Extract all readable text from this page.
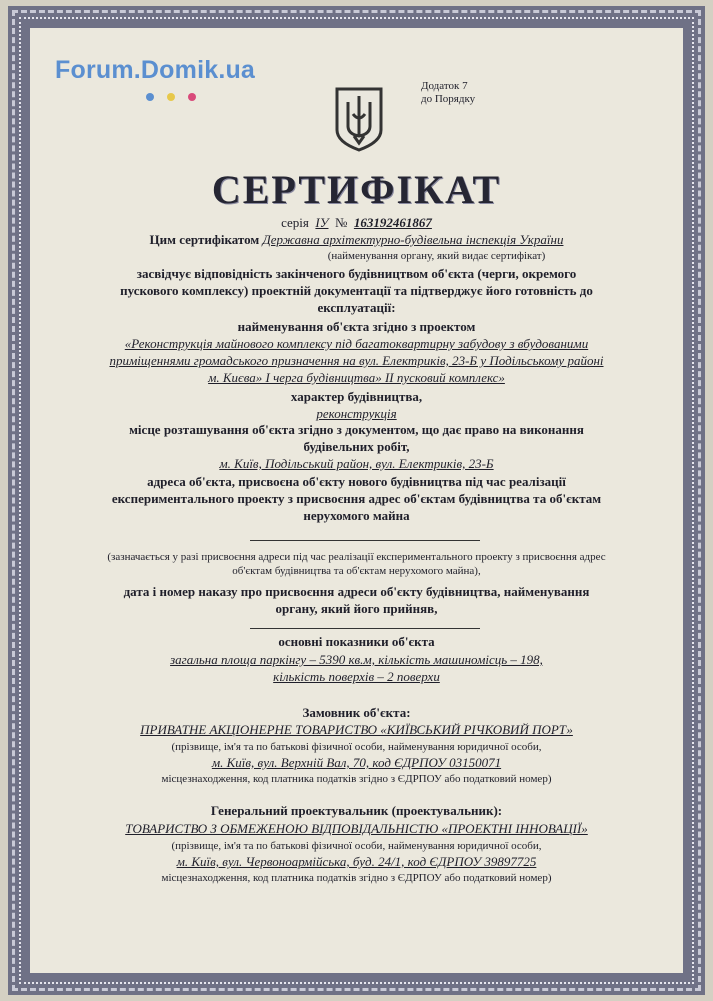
Forum.Domik.ua
Додаток 7
до Порядку
СЕРТИФІКАТ
серія ІУ № 163192461867
Цим сертифікатом Державна архітектурно-будівельна інспекція України
(найменування органу, який видає сертифікат)
засвідчує відповідність закінченого будівництвом об'єкта (черги, окремого
пускового комплексу) проектній документації та підтверджує його готовність до
експлуатації:
найменування об'єкта згідно з проектом
«Реконструкція майнового комплексу під багатоквартирну забудову з вбудованими
приміщеннями громадського призначення на вул. Електриків, 23-Б у Подільському районі
м. Києва» І черга будівництва» ІІ пусковий комплекс»
характер будівництва,
реконструкція
місце розташування об'єкта згідно з документом, що дає право на виконання
будівельних робіт,
м. Київ, Подільський район, вул. Електриків, 23-Б
адреса об'єкта, присвоєна об'єкту нового будівництва під час реалізації
експериментального проекту з присвоєння адрес об'єктам будівництва та об'єктам
нерухомого майна
(зазначається у разі присвоєння адреси під час реалізації експериментального проекту з присвоєння адрес
об'єктам будівництва та об'єктам нерухомого майна),
дата і номер наказу про присвоєння адреси об'єкту будівництва, найменування
органу, який його прийняв,
основні показники об'єкта
загальна площа паркінгу – 5390 кв.м, кількість машиномісць – 198,
кількість поверхів – 2 поверхи
Замовник об'єкта:
ПРИВАТНЕ АКЦІОНЕРНЕ ТОВАРИСТВО «КИЇВСЬКИЙ РІЧКОВИЙ ПОРТ»
(прізвище, ім'я та по батькові фізичної особи, найменування юридичної особи,
м. Київ, вул. Верхній Вал, 70, код ЄДРПОУ 03150071
місцезнаходження, код платника податків згідно з ЄДРПОУ або податковий номер)
Генеральний проектувальник (проектувальник):
ТОВАРИСТВО З ОБМЕЖЕНОЮ ВІДПОВІДАЛЬНІСТЮ «ПРОЕКТНІ ІННОВАЦІЇ»
(прізвище, ім'я та по батькові фізичної особи, найменування юридичної особи,
м. Київ, вул. Червоноармійська, буд. 24/1, код ЄДРПОУ 39897725
місцезнаходження, код платника податків згідно з ЄДРПОУ або податковий номер)
